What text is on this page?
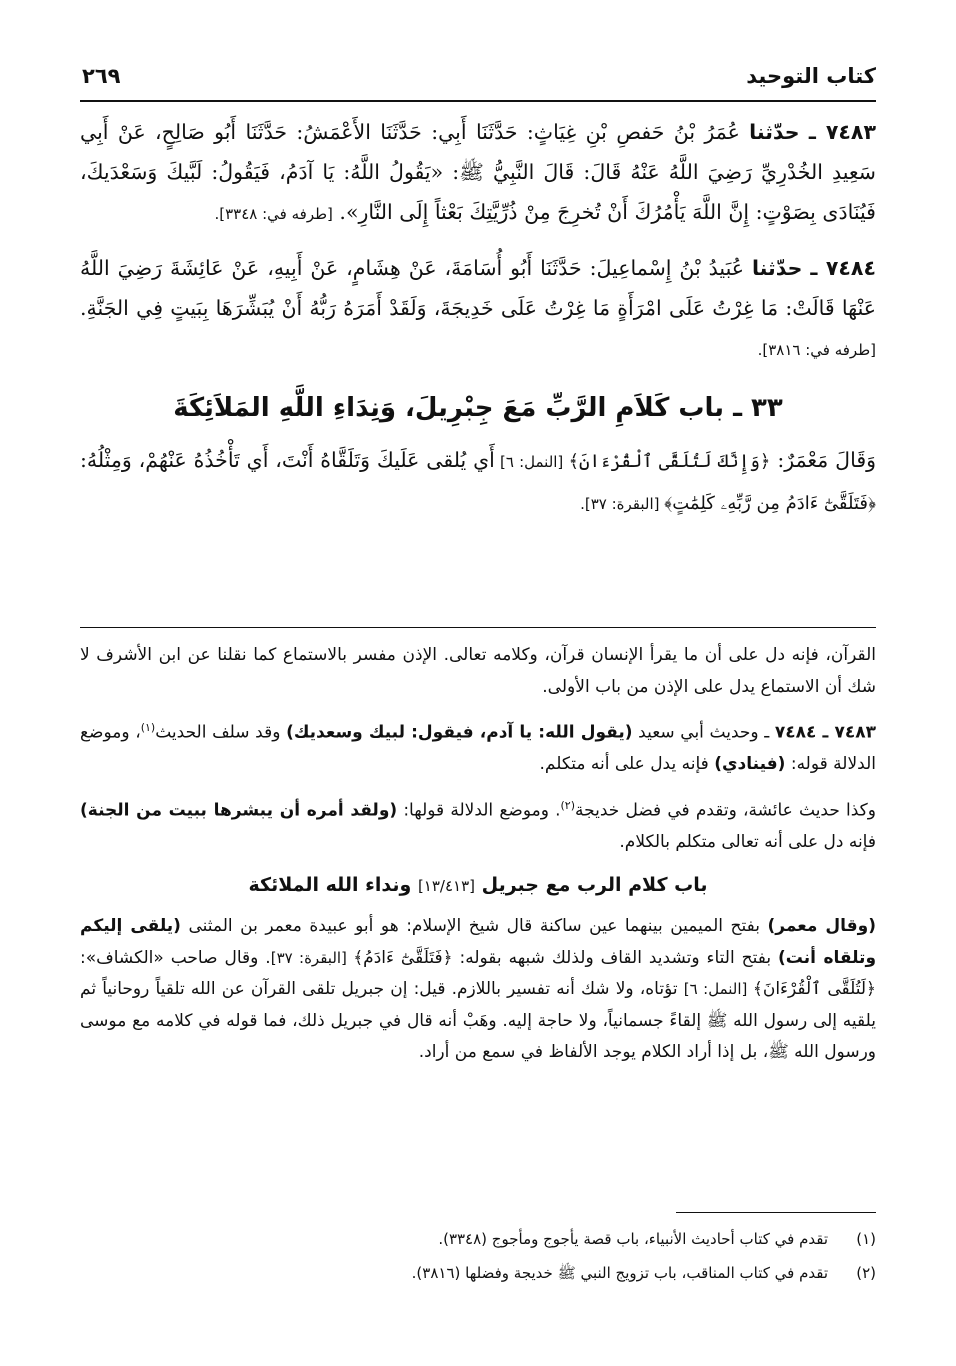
كتاب التوحيد
٢٦٩

٧٤٨٣ ـ حدّثنا عُمَرُ بْنُ حَفصِ بْنِ غِيَاثٍ: حَدَّثَنَا أَبِي: حَدَّثَنَا الأَعْمَشُ: حَدَّثَنَا أَبُو صَالِحٍ، عَنْ أَبِي سَعِيدِ الخُدْرِيِّ رَضِيَ اللَّهُ عَنْهُ قَالَ: قَالَ النَّبِيُّ ﷺ: «يَقُولُ اللَّهُ: يَا آدَمُ، فَيَقُولُ: لَبَّيكَ وَسَعْدَيكَ، فَيُنَادَى بِصَوْتٍ: إِنَّ اللَّهَ يَأْمُرُكَ أَنْ تُخرِجَ مِنْ ذُرِّيَّتِكَ بَعْثاً إِلَى النَّارِ». [طرفه في: ٣٣٤٨].

٧٤٨٤ ـ حدّثنا عُبَيدُ بْنُ إِسْماعِيلَ: حَدَّثَنَا أَبُو أُسَامَةَ، عَنْ هِشَامٍ، عَنْ أَبِيهِ، عَنْ عَائِشَةَ رَضِيَ اللَّهُ عَنْهَا قَالَتْ: مَا غِرْتُ عَلَى امْرَأَةٍ مَا غِرْتُ عَلَى خَدِيجَةَ، وَلَقَدْ أَمَرَهُ رَبُّهُ أَنْ يُبَشِّرَهَا بِبَيتٍ فِي الجَنَّةِ. [طرفه في: ٣٨١٦].

٣٣ ـ باب كَلاَمِ الرَّبِّ مَعَ جِبْرِيلَ، وَنِدَاءِ اللَّهِ المَلاَئِكَةَ

وَقَالَ مَعْمَرٌ: ﴿وَإِنَّكَ لَتُلَقَّى ٱلْقُرْءَانَ﴾ [النمل: ٦] أَي يُلقى عَلَيكَ وَتَلَقَّاهُ أَنْتَ، أَي تَأْخُذُهُ عَنْهُمْ، وَمِثْلُهُ: ﴿فَتَلَقَّىٰٓ ءَادَمُ مِن رَّبِّهِۦ كَلِمَٰتٍ﴾ [البقرة: ٣٧].

القرآن، فإنه دل على أن ما يقرأ الإنسان قرآن، وكلامه تعالى. الإذن مفسر بالاستماع كما نقلنا عن ابن الأشرف لا شك أن الاستماع يدل على الإذن من باب الأولى.

٧٤٨٣ ـ ٧٤٨٤ ـ وحديث أبي سعيد (يقول الله: يا آدم، فيقول: لبيك وسعديك) وقد سلف الحديث$^{(١)}$، وموضع الدلالة قوله: (فينادي) فإنه يدل على أنه متكلم.

وكذا حديث عائشة، وتقدم في فضل خديجة$^{(٢)}$. وموضع الدلالة قولها: (ولقد أمره أن يبشرها ببيت من الجنة) فإنه دل على أنه تعالى متكلم بالكلام.

باب كلام الرب مع جبريل [١٣/٤١٣] ونداء الله الملائكة

(وقال معمر) بفتح الميمين بينهما عين ساكنة قال شيخ الإسلام: هو أبو عبيدة معمر بن المثنى (يلقى إليكم وتلقاه أنت) بفتح التاء وتشديد القاف ولذلك شبهه بقوله: ﴿فَتَلَقَّىٰٓ ءَادَمُ﴾ [البقرة: ٣٧]. وقال صاحب «الكشاف»: ﴿لَتُلَقَّى ٱلْقُرْءَانَ﴾ [النمل: ٦] تؤتاه، ولا شك أنه تفسير باللازم. قيل: إن جبريل تلقى القرآن عن الله تلقياً روحانياً ثم يلقيه إلى رسول الله ﷺ إلقاءً جسمانياً، ولا حاجة إليه. وهَبْ أنه قال في جبريل ذلك، فما قوله في كلامه مع موسى ورسول الله ﷺ، بل إذا أراد الكلام يوجد الألفاظ في سمع من أراد.

(١)
تقدم في كتاب أحاديث الأنبياء، باب قصة يأجوج ومأجوج (٣٣٤٨).

(٢)
تقدم في كتاب المناقب، باب تزويج النبي ﷺ خديجة وفضلها (٣٨١٦).
